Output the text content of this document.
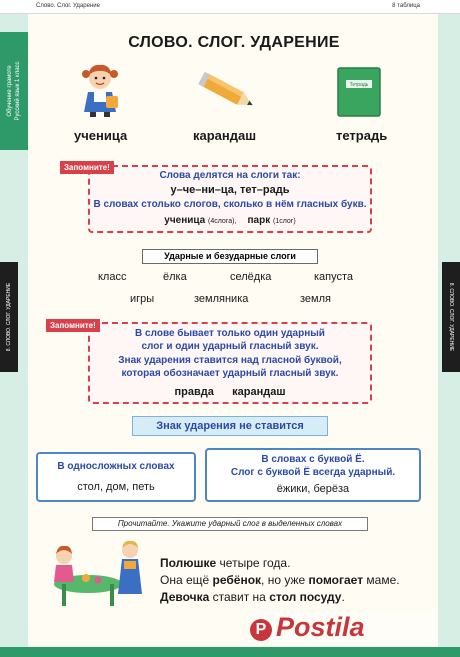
Слово. Слог. Ударение	8 таблица
Обучение грамоте Русский язык 1 класс
8. СЛОВО. СЛОГ. УДАРЕНИЕ	8. СЛОВО. СЛОГ. УДАРЕНИЕ
СЛОВО. СЛОГ. УДАРЕНИЕ
Тетрадь
ученица	карандаш	тетрадь
Слова делятся на слоги так:
у–че–ни–ца, тет–радь
В словах столько слогов, сколько в нём гласных букв.
ученица (4слога), парк (1слог)
Запомните!
Ударные и безударные слоги
класс	ёлка	селёдка	капуста
игры	земляника	земля
В слове бывает только один ударный
слог и один ударный гласный звук.
Знак ударения ставится над гласной буквой,
которая обозначает ударный гласный звук.
правда карандаш
Запомните!
Знак ударения не ставится
В односложных словах
стол, дом, петь
В словах с буквой Ё.
Слог с буквой Ё всегда ударный.
ёжики, берёза
Прочитайте. Укажите ударный слог в выделенных словах
Полюшке четыре года.
Она ещё ребёнок, но уже помогает маме.
Девочка ставит на стол посуду.
P Postila
